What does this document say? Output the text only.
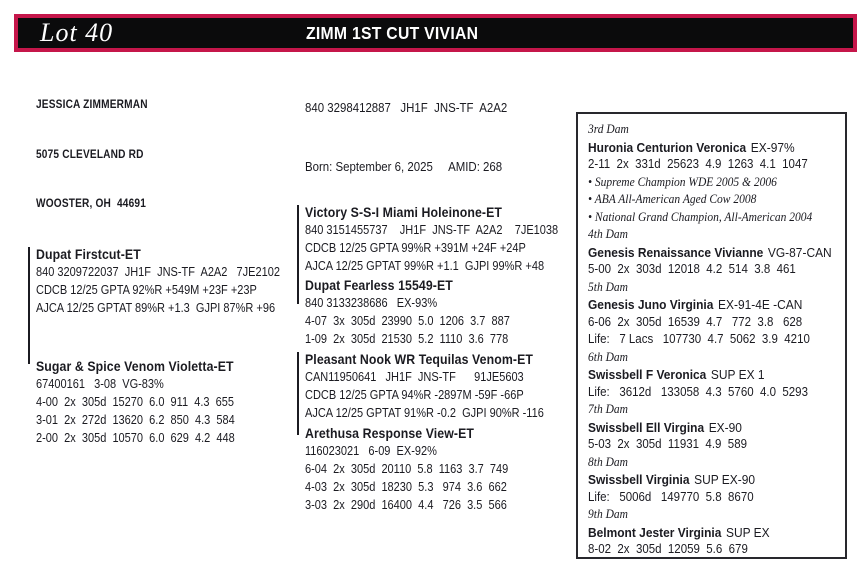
Lot 40	ZIMM 1ST CUT VIVIAN

JESSICA ZIMMERMAN

5075 CLEVELAND RD

WOOSTER, OH  44691

840 3298412887   JH1F  JNS-TF  A2A2

Born: September 6, 2025     AMID: 268

Dupat Firstcut-ET
840 3209722037  JH1F  JNS-TF  A2A2   7JE2102
CDCB 12/25 GPTA 92%R +549M +23F +23P
AJCA 12/25 GPTAT 89%R +1.3  GJPI 87%R +96
Sugar & Spice Venom Violetta-ET
67400161   3-08  VG-83%
4-00  2x  305d  15270  6.0  911  4.3  655
3-01  2x  272d  13620  6.2  850  4.3  584
2-00  2x  305d  10570  6.0  629  4.2  448
Victory S-S-I Miami Holeinone-ET
840 3151455737    JH1F  JNS-TF  A2A2    7JE1038
CDCB 12/25 GPTA 99%R +391M +24F +24P
AJCA 12/25 GPTAT 99%R +1.1  GJPI 99%R +48
Dupat Fearless 15549-ET
840 3133238686   EX-93%
4-07  3x  305d  23990  5.0  1206  3.7  887
1-09  2x  305d  21530  5.2  1110  3.6  778
Pleasant Nook WR Tequilas Venom-ET
CAN11950641   JH1F  JNS-TF      91JE5603
CDCB 12/25 GPTA 94%R -2897M -59F -66P
AJCA 12/25 GPTAT 91%R -0.2  GJPI 90%R -116
Arethusa Response View-ET
116023021   6-09  EX-92%
6-04  2x  305d  20110  5.8  1163  3.7  749
4-03  2x  305d  18230  5.3   974  3.6  662
3-03  2x  290d  16400  4.4   726  3.5  566
3rd Dam
Huronia Centurion Veronica EX-97%
2-11  2x  331d  25623  4.9  1263  4.1  1047
• Supreme Champion WDE 2005 & 2006
• ABA All-American Aged Cow 2008
• National Grand Champion, All-American 2004
4th Dam
Genesis Renaissance Vivianne VG-87-CAN
5-00  2x  303d  12018  4.2  514  3.8  461
5th Dam
Genesis Juno Virginia EX-91-4E -CAN
6-06  2x  305d  16539  4.7   772  3.8   628
Life:   7 Lacs   107730  4.7  5062  3.9  4210
6th Dam
Swissbell F Veronica SUP EX 1
Life:   3612d   133058  4.3  5760  4.0  5293
7th Dam
Swissbell Ell Virgina EX-90
5-03  2x  305d  11931  4.9  589
8th Dam
Swissbell Virginia SUP EX-90
Life:   5006d   149770  5.8  8670
9th Dam
Belmont Jester Virginia SUP EX
8-02  2x  305d  12059  5.6  679
